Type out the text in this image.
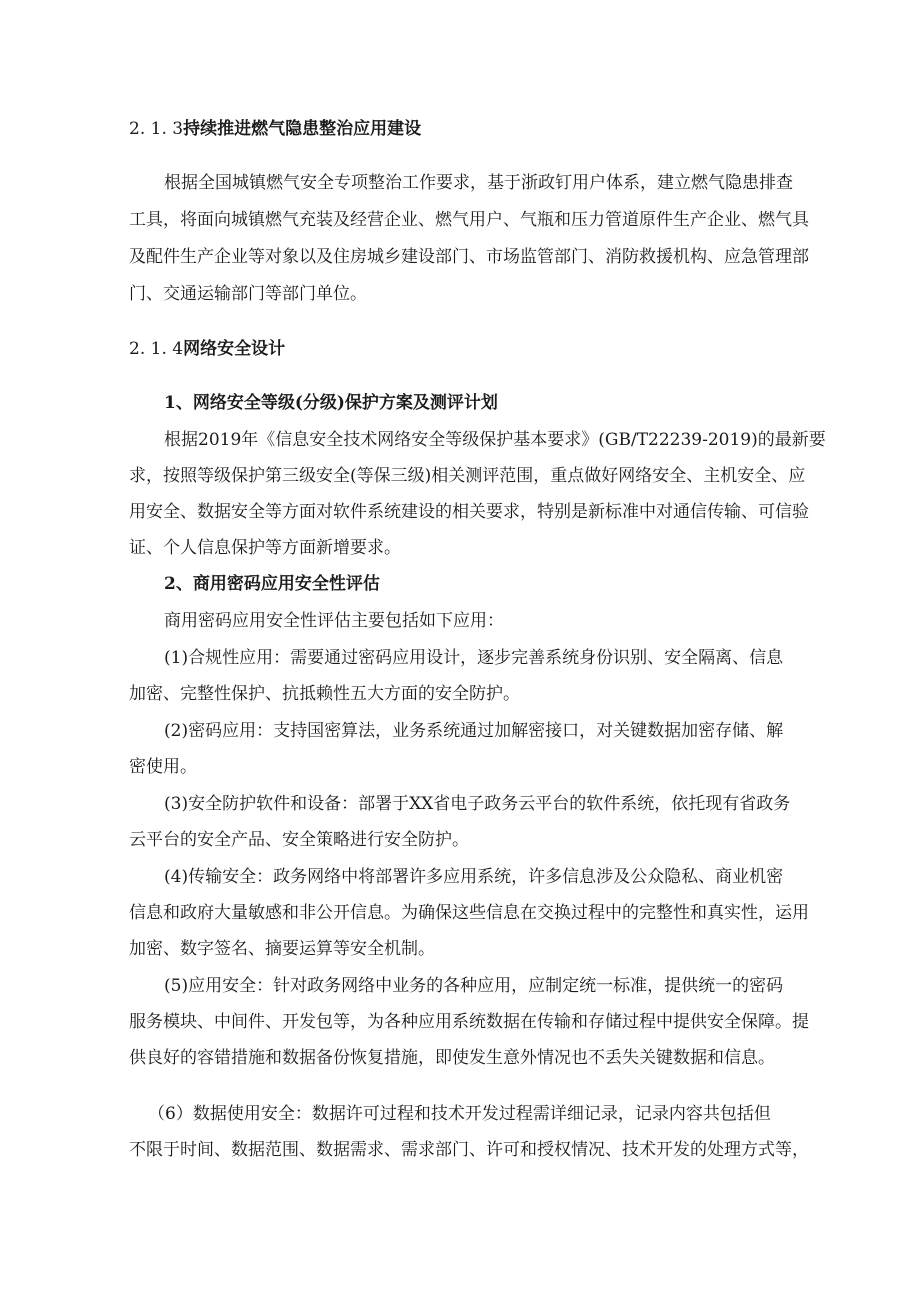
2. 1. 3持续推进燃气隐患整治应用建设
根据全国城镇燃气安全专项整治工作要求，基于浙政钉用户体系，建立燃气隐患排查
工具，将面向城镇燃气充装及经营企业、燃气用户、气瓶和压力管道原件生产企业、燃气具
及配件生产企业等对象以及住房城乡建设部门、市场监管部门、消防救援机构、应急管理部
门、交通运输部门等部门单位。
2. 1. 4网络安全设计
1、网络安全等级(分级)保护方案及测评计划
根据2019年《信息安全技术网络安全等级保护基本要求》(GB/T22239-2019)的最新要
求，按照等级保护第三级安全(等保三级)相关测评范围，重点做好网络安全、主机安全、应
用安全、数据安全等方面对软件系统建设的相关要求，特别是新标准中对通信传输、可信验
证、个人信息保护等方面新增要求。
2、商用密码应用安全性评估
商用密码应用安全性评估主要包括如下应用：
(1)合规性应用：需要通过密码应用设计，逐步完善系统身份识别、安全隔离、信息
加密、完整性保护、抗抵赖性五大方面的安全防护。
(2)密码应用：支持国密算法，业务系统通过加解密接口，对关键数据加密存储、解
密使用。
(3)安全防护软件和设备：部署于XX省电子政务云平台的软件系统，依托现有省政务
云平台的安全产品、安全策略进行安全防护。
(4)传输安全：政务网络中将部署许多应用系统，许多信息涉及公众隐私、商业机密
信息和政府大量敏感和非公开信息。为确保这些信息在交换过程中的完整性和真实性，运用
加密、数字签名、摘要运算等安全机制。
(5)应用安全：针对政务网络中业务的各种应用，应制定统一标准，提供统一的密码
服务模块、中间件、开发包等，为各种应用系统数据在传输和存储过程中提供安全保障。提
供良好的容错措施和数据备份恢复措施，即使发生意外情况也不丢失关键数据和信息。
（6）数据使用安全：数据许可过程和技术开发过程需详细记录，记录内容共包括但
不限于时间、数据范围、数据需求、需求部门、许可和授权情况、技术开发的处理方式等，
